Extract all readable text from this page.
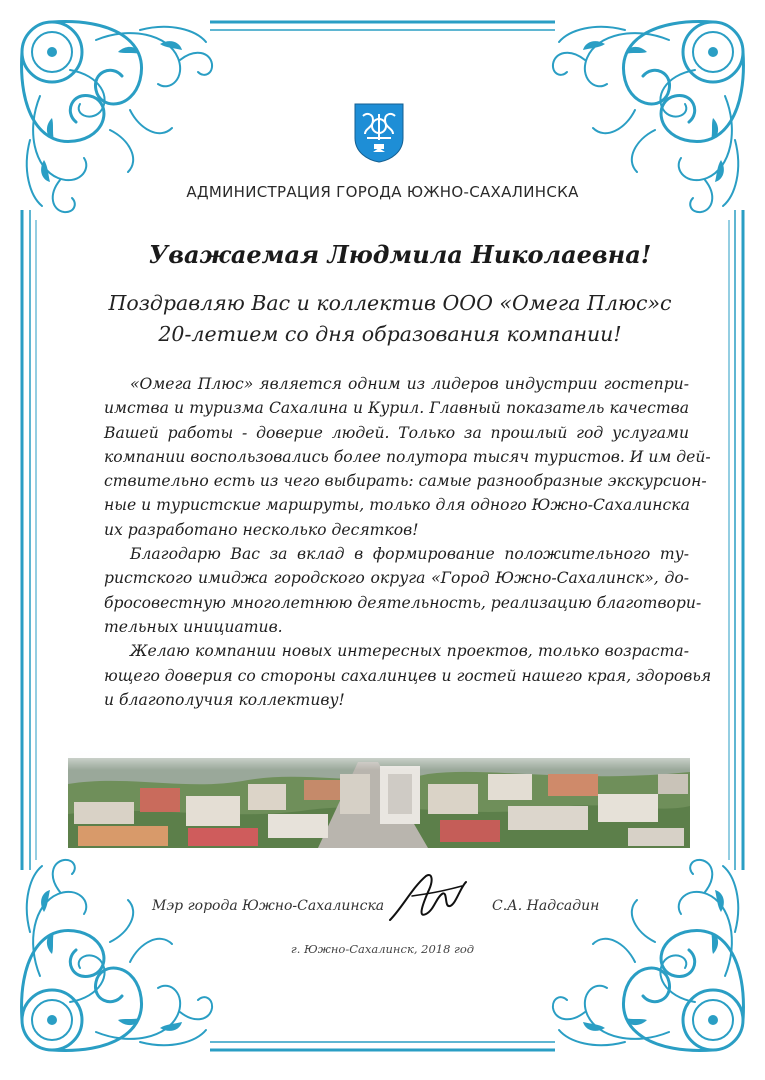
АДМИНИСТРАЦИЯ ГОРОДА ЮЖНО-САХАЛИНСКА
Уважаемая Людмила Николаевна!
Поздравляю Вас и коллектив ООО «Омега Плюс»с
20-летием со дня образования компании!
«Омега Плюс» является одним из лидеров индустрии гостепри-
имства и туризма Сахалина и Курил. Главный показатель качества
Вашей работы - доверие людей. Только за прошлый год услугами
компании воспользовались более полутора тысяч туристов. И им дей-
ствительно есть из чего выбирать: самые разнообразные экскурсион-
ные и туристские маршруты, только для одного Южно-Сахалинска
их разработано несколько десятков!
Благодарю Вас за вклад в формирование положительного ту-
ристского имиджа городского округа «Город Южно-Сахалинск», до-
бросовестную многолетнюю деятельность, реализацию благотвори-
тельных инициатив.
Желаю компании новых интересных проектов, только возраста-
ющего доверия со стороны сахалинцев и гостей нашего края, здоровья
и благополучия коллективу!
Мэр города Южно-Сахалинска	С.А. Надсадин
г. Южно-Сахалинск, 2018 год
